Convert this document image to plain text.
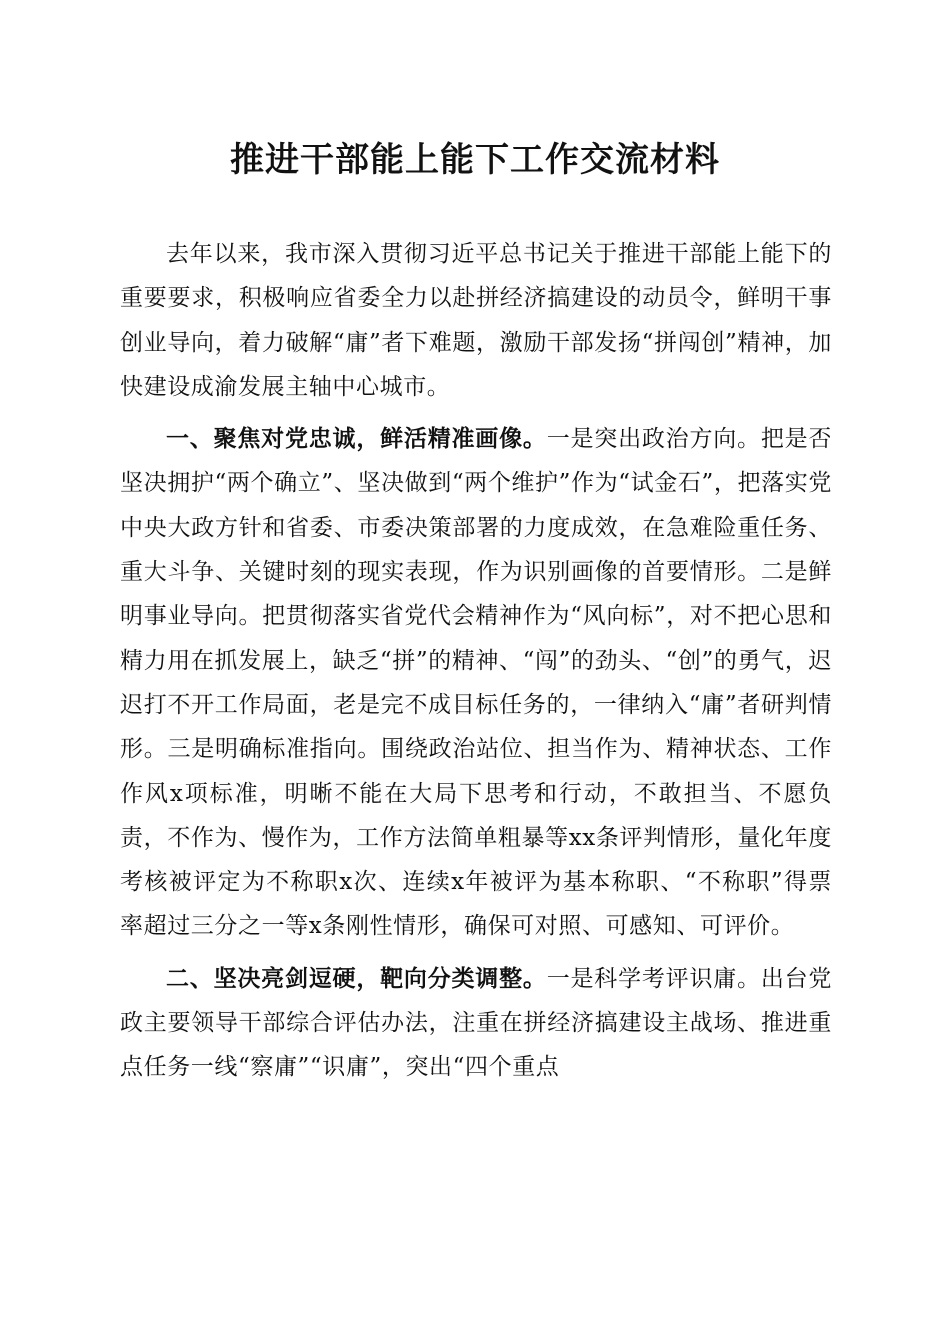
推进干部能上能下工作交流材料

去年以来，我市深入贯彻习近平总书记关于推进干部能上能下的重要要求，积极响应省委全力以赴拼经济搞建设的动员令，鲜明干事创业导向，着力破解“庸”者下难题，激励干部发扬“拼闯创”精神，加快建设成渝发展主轴中心城市。

一、聚焦对党忠诚，鲜活精准画像。一是突出政治方向。把是否坚决拥护“两个确立”、坚决做到“两个维护”作为“试金石”，把落实党中央大政方针和省委、市委决策部署的力度成效，在急难险重任务、重大斗争、关键时刻的现实表现，作为识别画像的首要情形。二是鲜明事业导向。把贯彻落实省党代会精神作为“风向标”，对不把心思和精力用在抓发展上，缺乏“拼”的精神、“闯”的劲头、“创”的勇气，迟迟打不开工作局面，老是完不成目标任务的，一律纳入“庸”者研判情形。三是明确标准指向。围绕政治站位、担当作为、精神状态、工作作风x项标准，明晰不能在大局下思考和行动，不敢担当、不愿负责，不作为、慢作为，工作方法简单粗暴等xx条评判情形，量化年度考核被评定为不称职x次、连续x年被评为基本称职、“不称职”得票率超过三分之一等x条刚性情形，确保可对照、可感知、可评价。

二、坚决亮剑逗硬，靶向分类调整。一是科学考评识庸。出台党政主要领导干部综合评估办法，注重在拼经济搞建设主战场、推进重点任务一线“察庸”“识庸”，突出“四个重点
